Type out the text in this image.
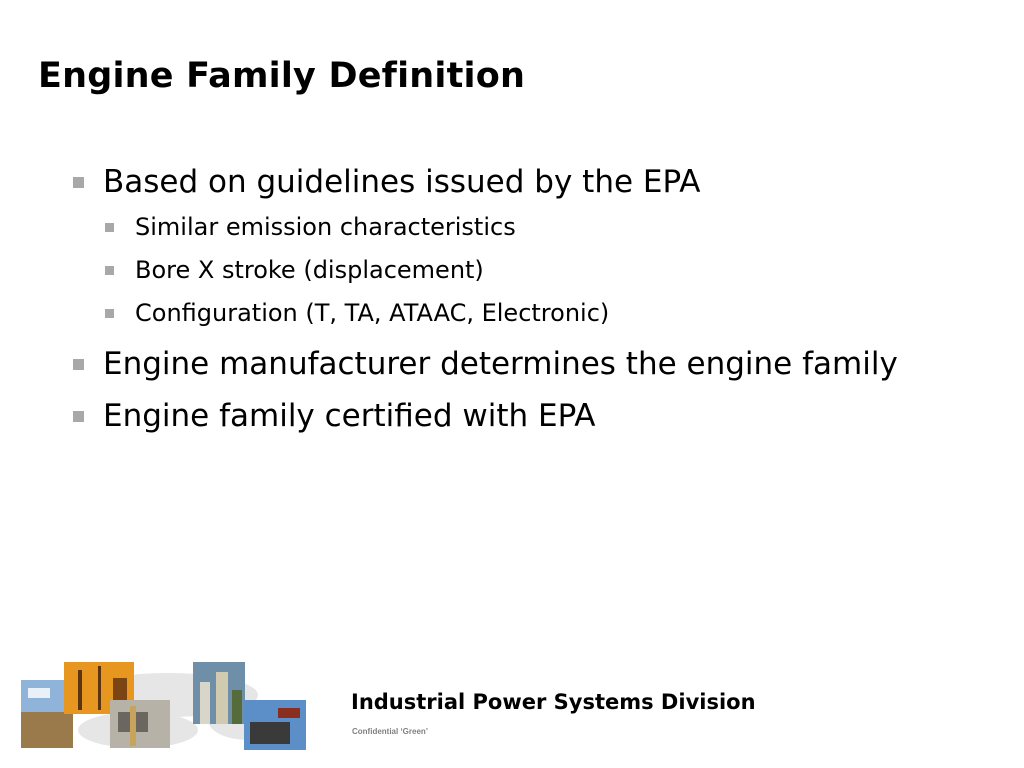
Engine Family Definition
Based on guidelines issued by the EPA
Similar emission characteristics
Bore X stroke (displacement)
Configuration (T, TA, ATAAC, Electronic)
Engine manufacturer determines the engine family
Engine family certified with EPA
Industrial Power Systems Division
Confidential ‘Green’
